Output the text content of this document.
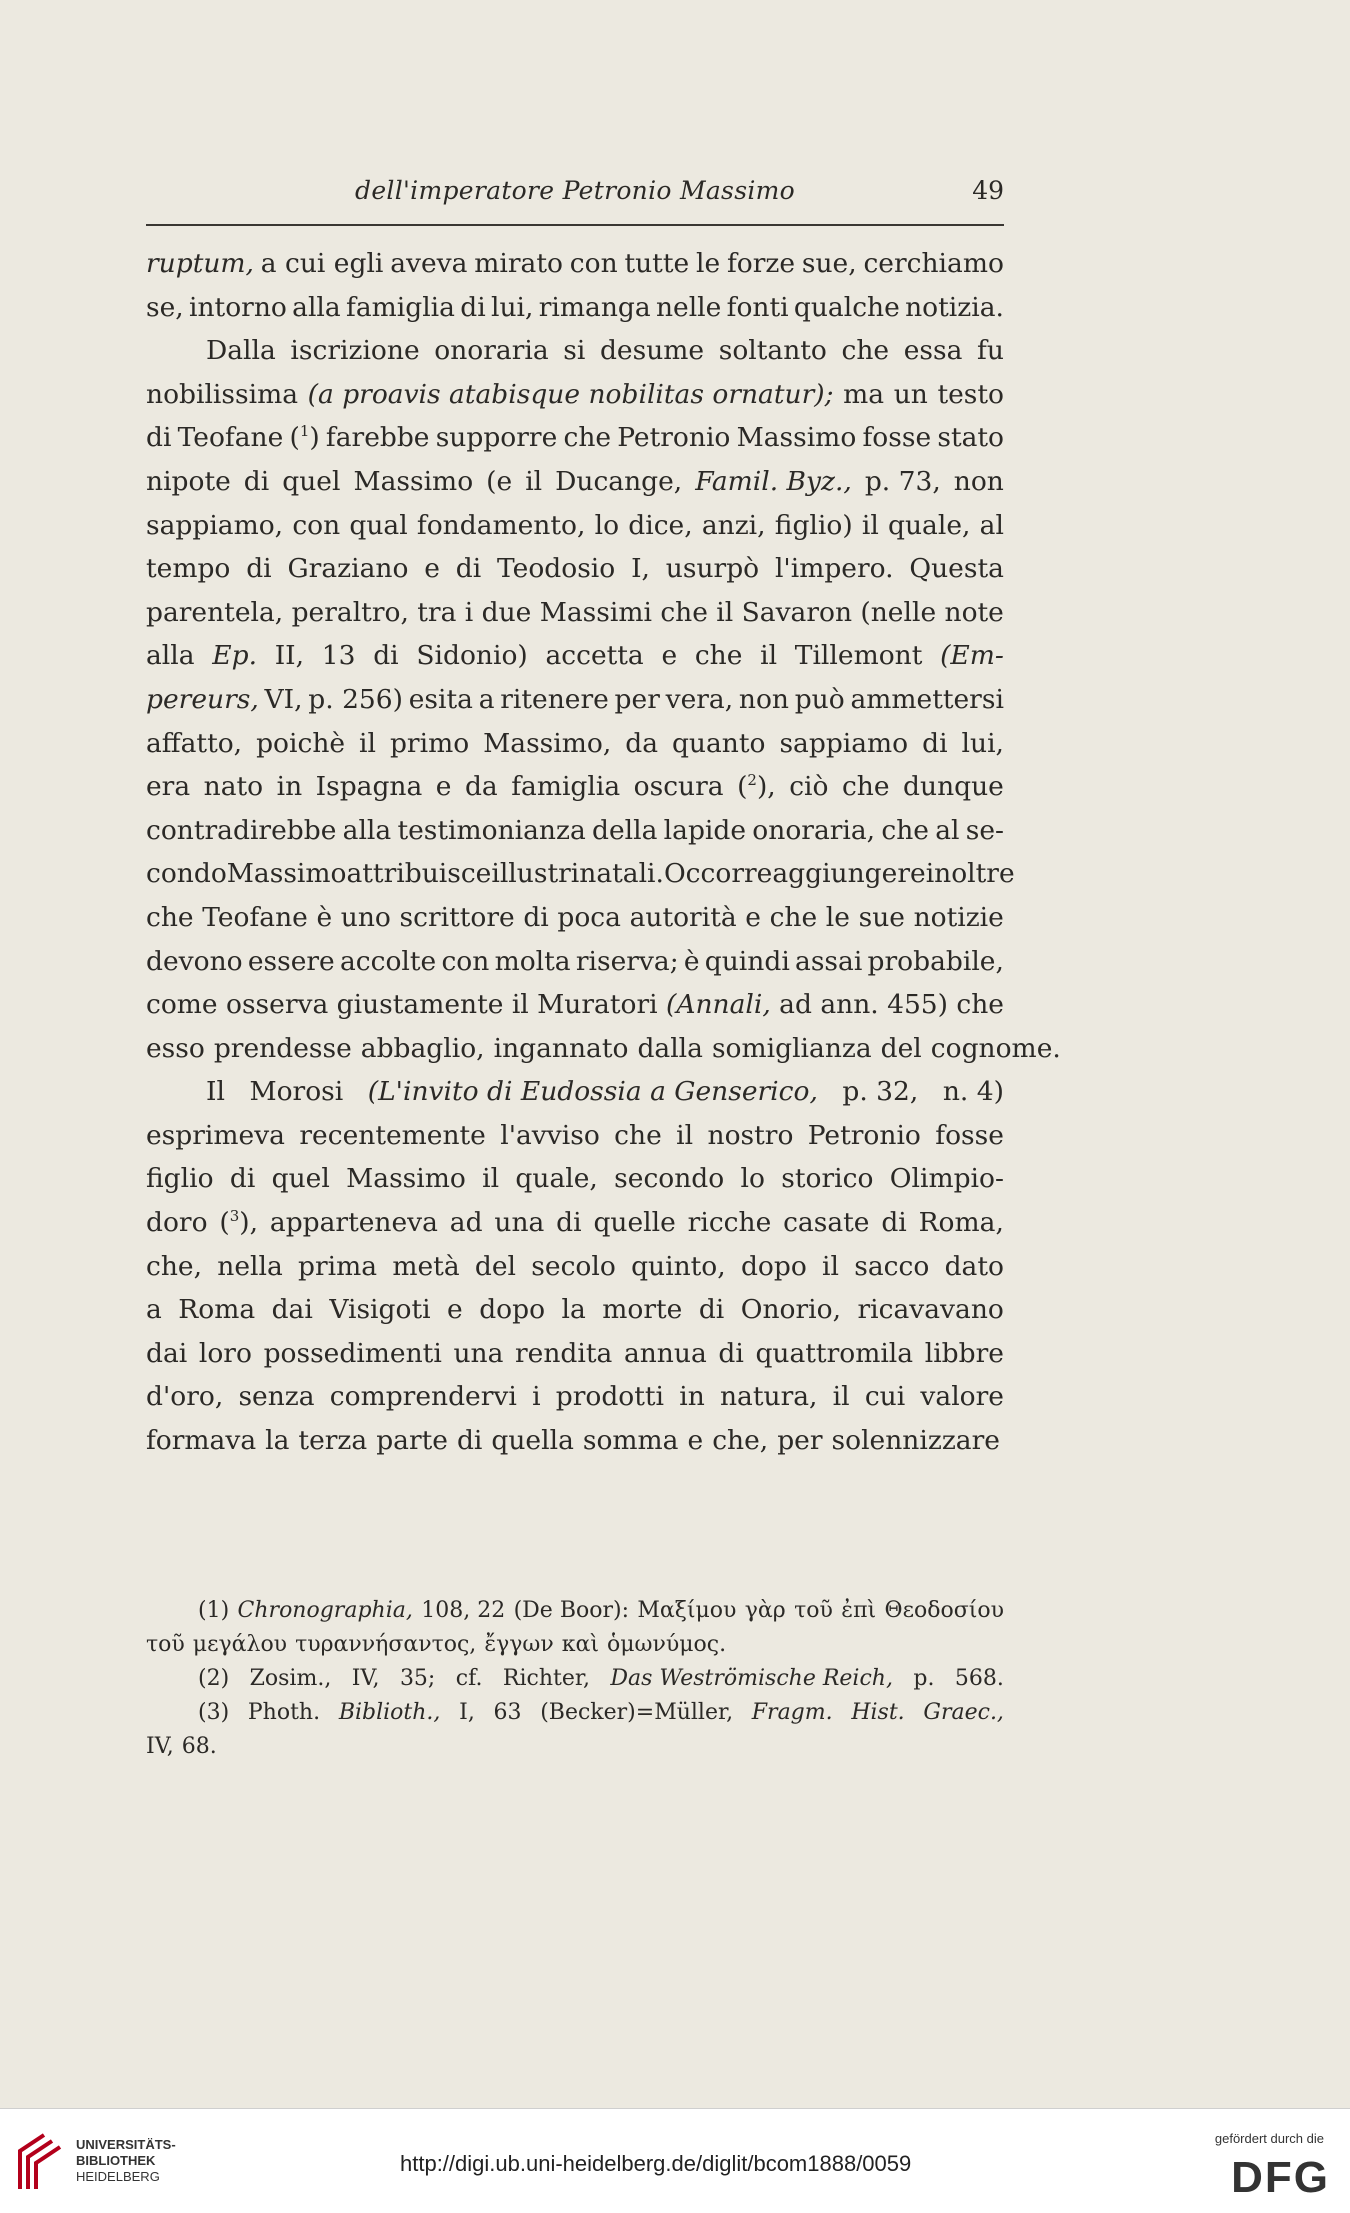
dell'imperatore Petronio Massimo	49
ruptum, a cui egli aveva mirato con tutte le forze sue, cerchiamo
se, intorno alla famiglia di lui, rimanga nelle fonti qualche notizia.
Dalla iscrizione onoraria si desume soltanto che essa fu
nobilissima (a proavis atabisque nobilitas ornatur); ma un testo
di Teofane ($^1$) farebbe supporre che Petronio Massimo fosse stato
nipote di quel Massimo (e il Ducange, Famil. Byz., p. 73, non
sappiamo, con qual fondamento, lo dice, anzi, figlio) il quale, al
tempo di Graziano e di Teodosio I, usurpò l'impero. Questa
parentela, peraltro, tra i due Massimi che il Savaron (nelle note
alla Ep. II, 13 di Sidonio) accetta e che il Tillemont (Em-
pereurs, VI, p. 256) esita a ritenere per vera, non può ammettersi
affatto, poichè il primo Massimo, da quanto sappiamo di lui,
era nato in Ispagna e da famiglia oscura ($^2$), ciò che dunque
contradirebbe alla testimonianza della lapide onoraria, che al se-
condo Massimo attribuisce illustri natali. Occorre aggiungere inoltre
che Teofane è uno scrittore di poca autorità e che le sue notizie
devono essere accolte con molta riserva; è quindi assai probabile,
come osserva giustamente il Muratori (Annali, ad ann. 455) che
esso prendesse abbaglio, ingannato dalla somiglianza del cognome.
Il Morosi (L'invito di Eudossia a Genserico, p. 32, n. 4)
esprimeva recentemente l'avviso che il nostro Petronio fosse
figlio di quel Massimo il quale, secondo lo storico Olimpio-
doro ($^3$), apparteneva ad una di quelle ricche casate di Roma,
che, nella prima metà del secolo quinto, dopo il sacco dato
a Roma dai Visigoti e dopo la morte di Onorio, ricavavano
dai loro possedimenti una rendita annua di quattromila libbre
d'oro, senza comprendervi i prodotti in natura, il cui valore
formava la terza parte di quella somma e che, per solennizzare
(1) Chronographia, 108, 22 (De Boor): Μαξίμου γὰρ τοῦ ἐπὶ Θεοδοσίου
τοῦ μεγάλου τυραννήσαντος, ἔγγων καὶ ὁμωνύμος.
(2) Zosim., IV, 35; cf. Richter, Das Weströmische Reich, p. 568.
(3) Photh. Biblioth., I, 63 (Becker)=Müller, Fragm. Hist. Graec.,
IV, 68.
UNIVERSITÄTS-
BIBLIOTHEK
HEIDELBERG
http://digi.ub.uni-heidelberg.de/diglit/bcom1888/0059
gefördert durch die
DFG
